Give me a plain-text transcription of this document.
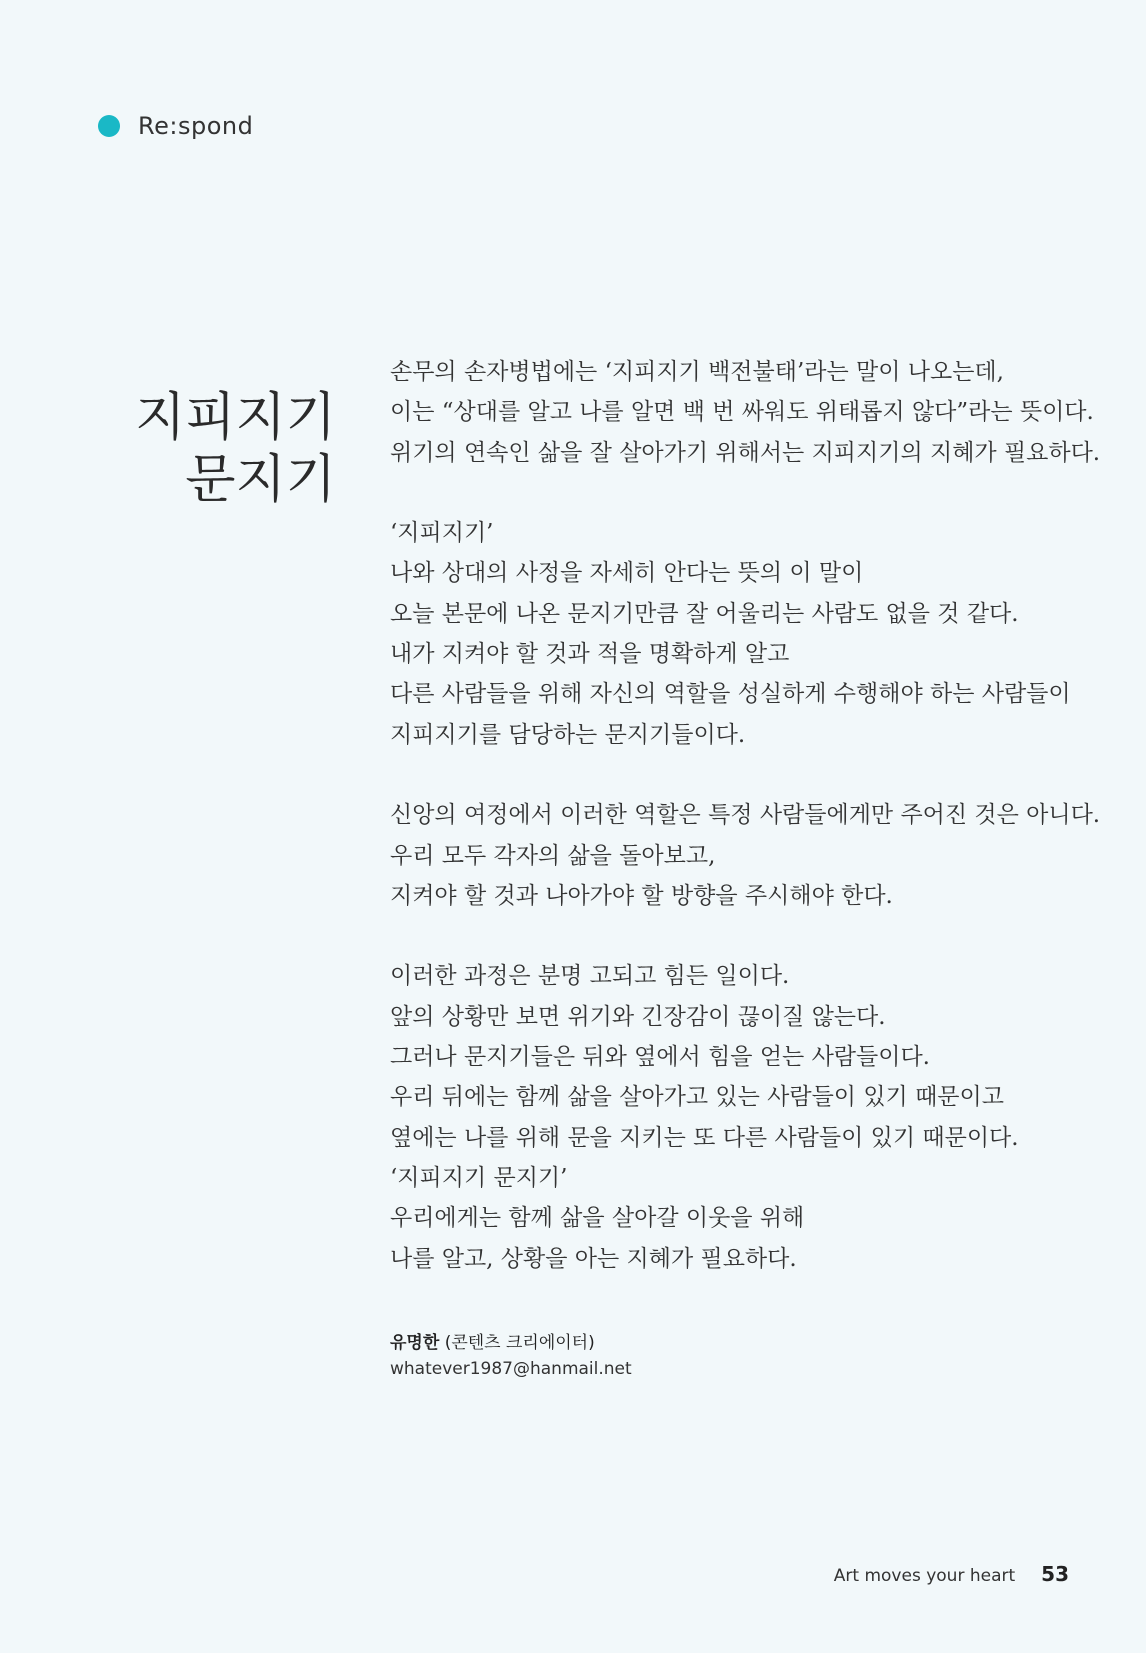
Re:spond
지피지기
문지기
손무의 손자병법에는 ‘지피지기 백전불태’라는 말이 나오는데,
이는 “상대를 알고 나를 알면 백 번 싸워도 위태롭지 않다”라는 뜻이다.
위기의 연속인 삶을 잘 살아가기 위해서는 지피지기의 지혜가 필요하다.
‘지피지기’
나와 상대의 사정을 자세히 안다는 뜻의 이 말이
오늘 본문에 나온 문지기만큼 잘 어울리는 사람도 없을 것 같다.
내가 지켜야 할 것과 적을 명확하게 알고
다른 사람들을 위해 자신의 역할을 성실하게 수행해야 하는 사람들이
지피지기를 담당하는 문지기들이다.
신앙의 여정에서 이러한 역할은 특정 사람들에게만 주어진 것은 아니다.
우리 모두 각자의 삶을 돌아보고,
지켜야 할 것과 나아가야 할 방향을 주시해야 한다.
이러한 과정은 분명 고되고 힘든 일이다.
앞의 상황만 보면 위기와 긴장감이 끊이질 않는다.
그러나 문지기들은 뒤와 옆에서 힘을 얻는 사람들이다.
우리 뒤에는 함께 삶을 살아가고 있는 사람들이 있기 때문이고
옆에는 나를 위해 문을 지키는 또 다른 사람들이 있기 때문이다.
‘지피지기 문지기’
우리에게는 함께 삶을 살아갈 이웃을 위해
나를 알고, 상황을 아는 지혜가 필요하다.
유명한 (콘텐츠 크리에이터)
whatever1987@hanmail.net
Art moves your heart 53
